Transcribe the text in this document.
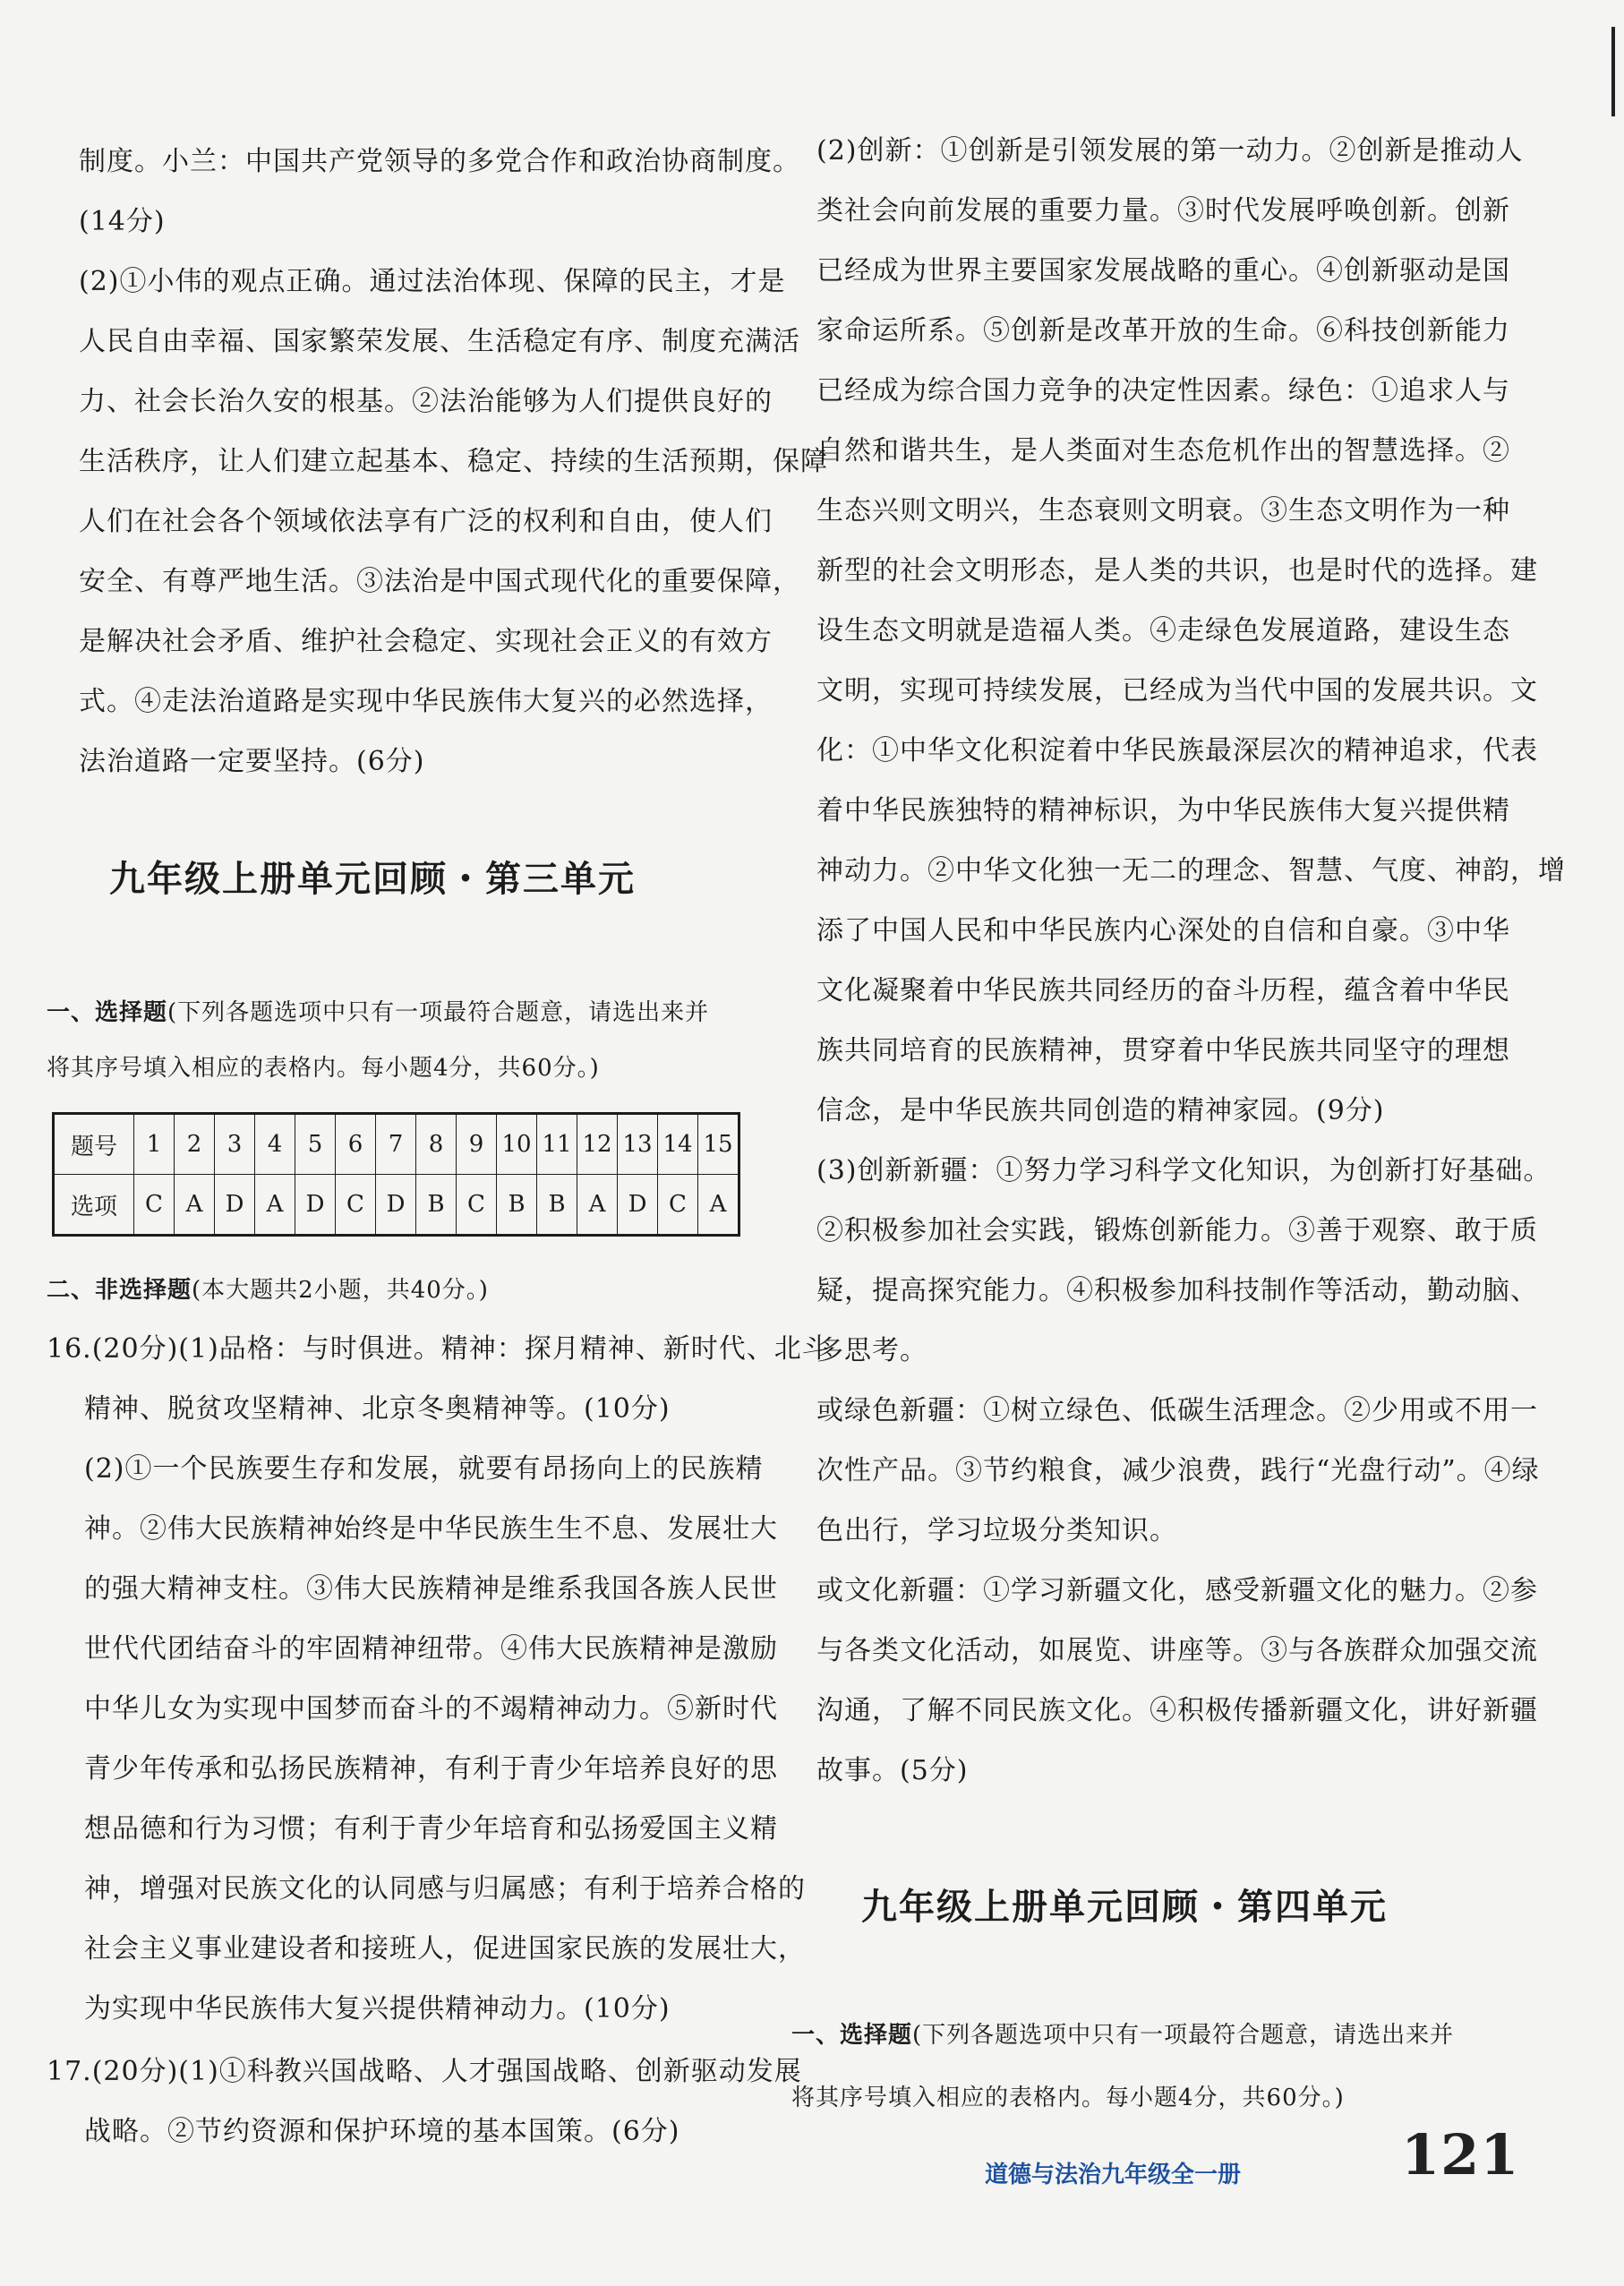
制度。小兰：中国共产党领导的多党合作和政治协商制度。

(14分)

(2)①小伟的观点正确。通过法治体现、保障的民主，才是

人民自由幸福、国家繁荣发展、生活稳定有序、制度充满活

力、社会长治久安的根基。②法治能够为人们提供良好的

生活秩序，让人们建立起基本、稳定、持续的生活预期，保障

人们在社会各个领域依法享有广泛的权利和自由，使人们

安全、有尊严地生活。③法治是中国式现代化的重要保障，

是解决社会矛盾、维护社会稳定、实现社会正义的有效方

式。④走法治道路是实现中华民族伟大复兴的必然选择，

法治道路一定要坚持。(6分)

九年级上册单元回顾・第三单元

一、选择题(下列各题选项中只有一项最符合题意，请选出来并

将其序号填入相应的表格内。每小题4分，共60分。)

题号	1	2	3	4	5	6	7	8	9	10	11	12	13	14	15
选项	C	A	D	A	D	C	D	B	C	B	B	A	D	C	A

二、非选择题(本大题共2小题，共40分。)

16.(20分)(1)品格：与时俱进。精神：探月精神、新时代、北斗

精神、脱贫攻坚精神、北京冬奥精神等。(10分)

(2)①一个民族要生存和发展，就要有昂扬向上的民族精

神。②伟大民族精神始终是中华民族生生不息、发展壮大

的强大精神支柱。③伟大民族精神是维系我国各族人民世

世代代团结奋斗的牢固精神纽带。④伟大民族精神是激励

中华儿女为实现中国梦而奋斗的不竭精神动力。⑤新时代

青少年传承和弘扬民族精神，有利于青少年培养良好的思

想品德和行为习惯；有利于青少年培育和弘扬爱国主义精

神，增强对民族文化的认同感与归属感；有利于培养合格的

社会主义事业建设者和接班人，促进国家民族的发展壮大，

为实现中华民族伟大复兴提供精神动力。(10分)

17.(20分)(1)①科教兴国战略、人才强国战略、创新驱动发展

战略。②节约资源和保护环境的基本国策。(6分)

(2)创新：①创新是引领发展的第一动力。②创新是推动人

类社会向前发展的重要力量。③时代发展呼唤创新。创新

已经成为世界主要国家发展战略的重心。④创新驱动是国

家命运所系。⑤创新是改革开放的生命。⑥科技创新能力

已经成为综合国力竞争的决定性因素。绿色：①追求人与

自然和谐共生，是人类面对生态危机作出的智慧选择。②

生态兴则文明兴，生态衰则文明衰。③生态文明作为一种

新型的社会文明形态，是人类的共识，也是时代的选择。建

设生态文明就是造福人类。④走绿色发展道路，建设生态

文明，实现可持续发展，已经成为当代中国的发展共识。文

化：①中华文化积淀着中华民族最深层次的精神追求，代表

着中华民族独特的精神标识，为中华民族伟大复兴提供精

神动力。②中华文化独一无二的理念、智慧、气度、神韵，增

添了中国人民和中华民族内心深处的自信和自豪。③中华

文化凝聚着中华民族共同经历的奋斗历程，蕴含着中华民

族共同培育的民族精神，贯穿着中华民族共同坚守的理想

信念，是中华民族共同创造的精神家园。(9分)

(3)创新新疆：①努力学习科学文化知识，为创新打好基础。

②积极参加社会实践，锻炼创新能力。③善于观察、敢于质

疑，提高探究能力。④积极参加科技制作等活动，勤动脑、

多思考。

或绿色新疆：①树立绿色、低碳生活理念。②少用或不用一

次性产品。③节约粮食，减少浪费，践行“光盘行动”。④绿

色出行，学习垃圾分类知识。

或文化新疆：①学习新疆文化，感受新疆文化的魅力。②参

与各类文化活动，如展览、讲座等。③与各族群众加强交流

沟通，了解不同民族文化。④积极传播新疆文化，讲好新疆

故事。(5分)

九年级上册单元回顾・第四单元

一、选择题(下列各题选项中只有一项最符合题意，请选出来并

将其序号填入相应的表格内。每小题4分，共60分。)

道德与法治九年级全一册	121
